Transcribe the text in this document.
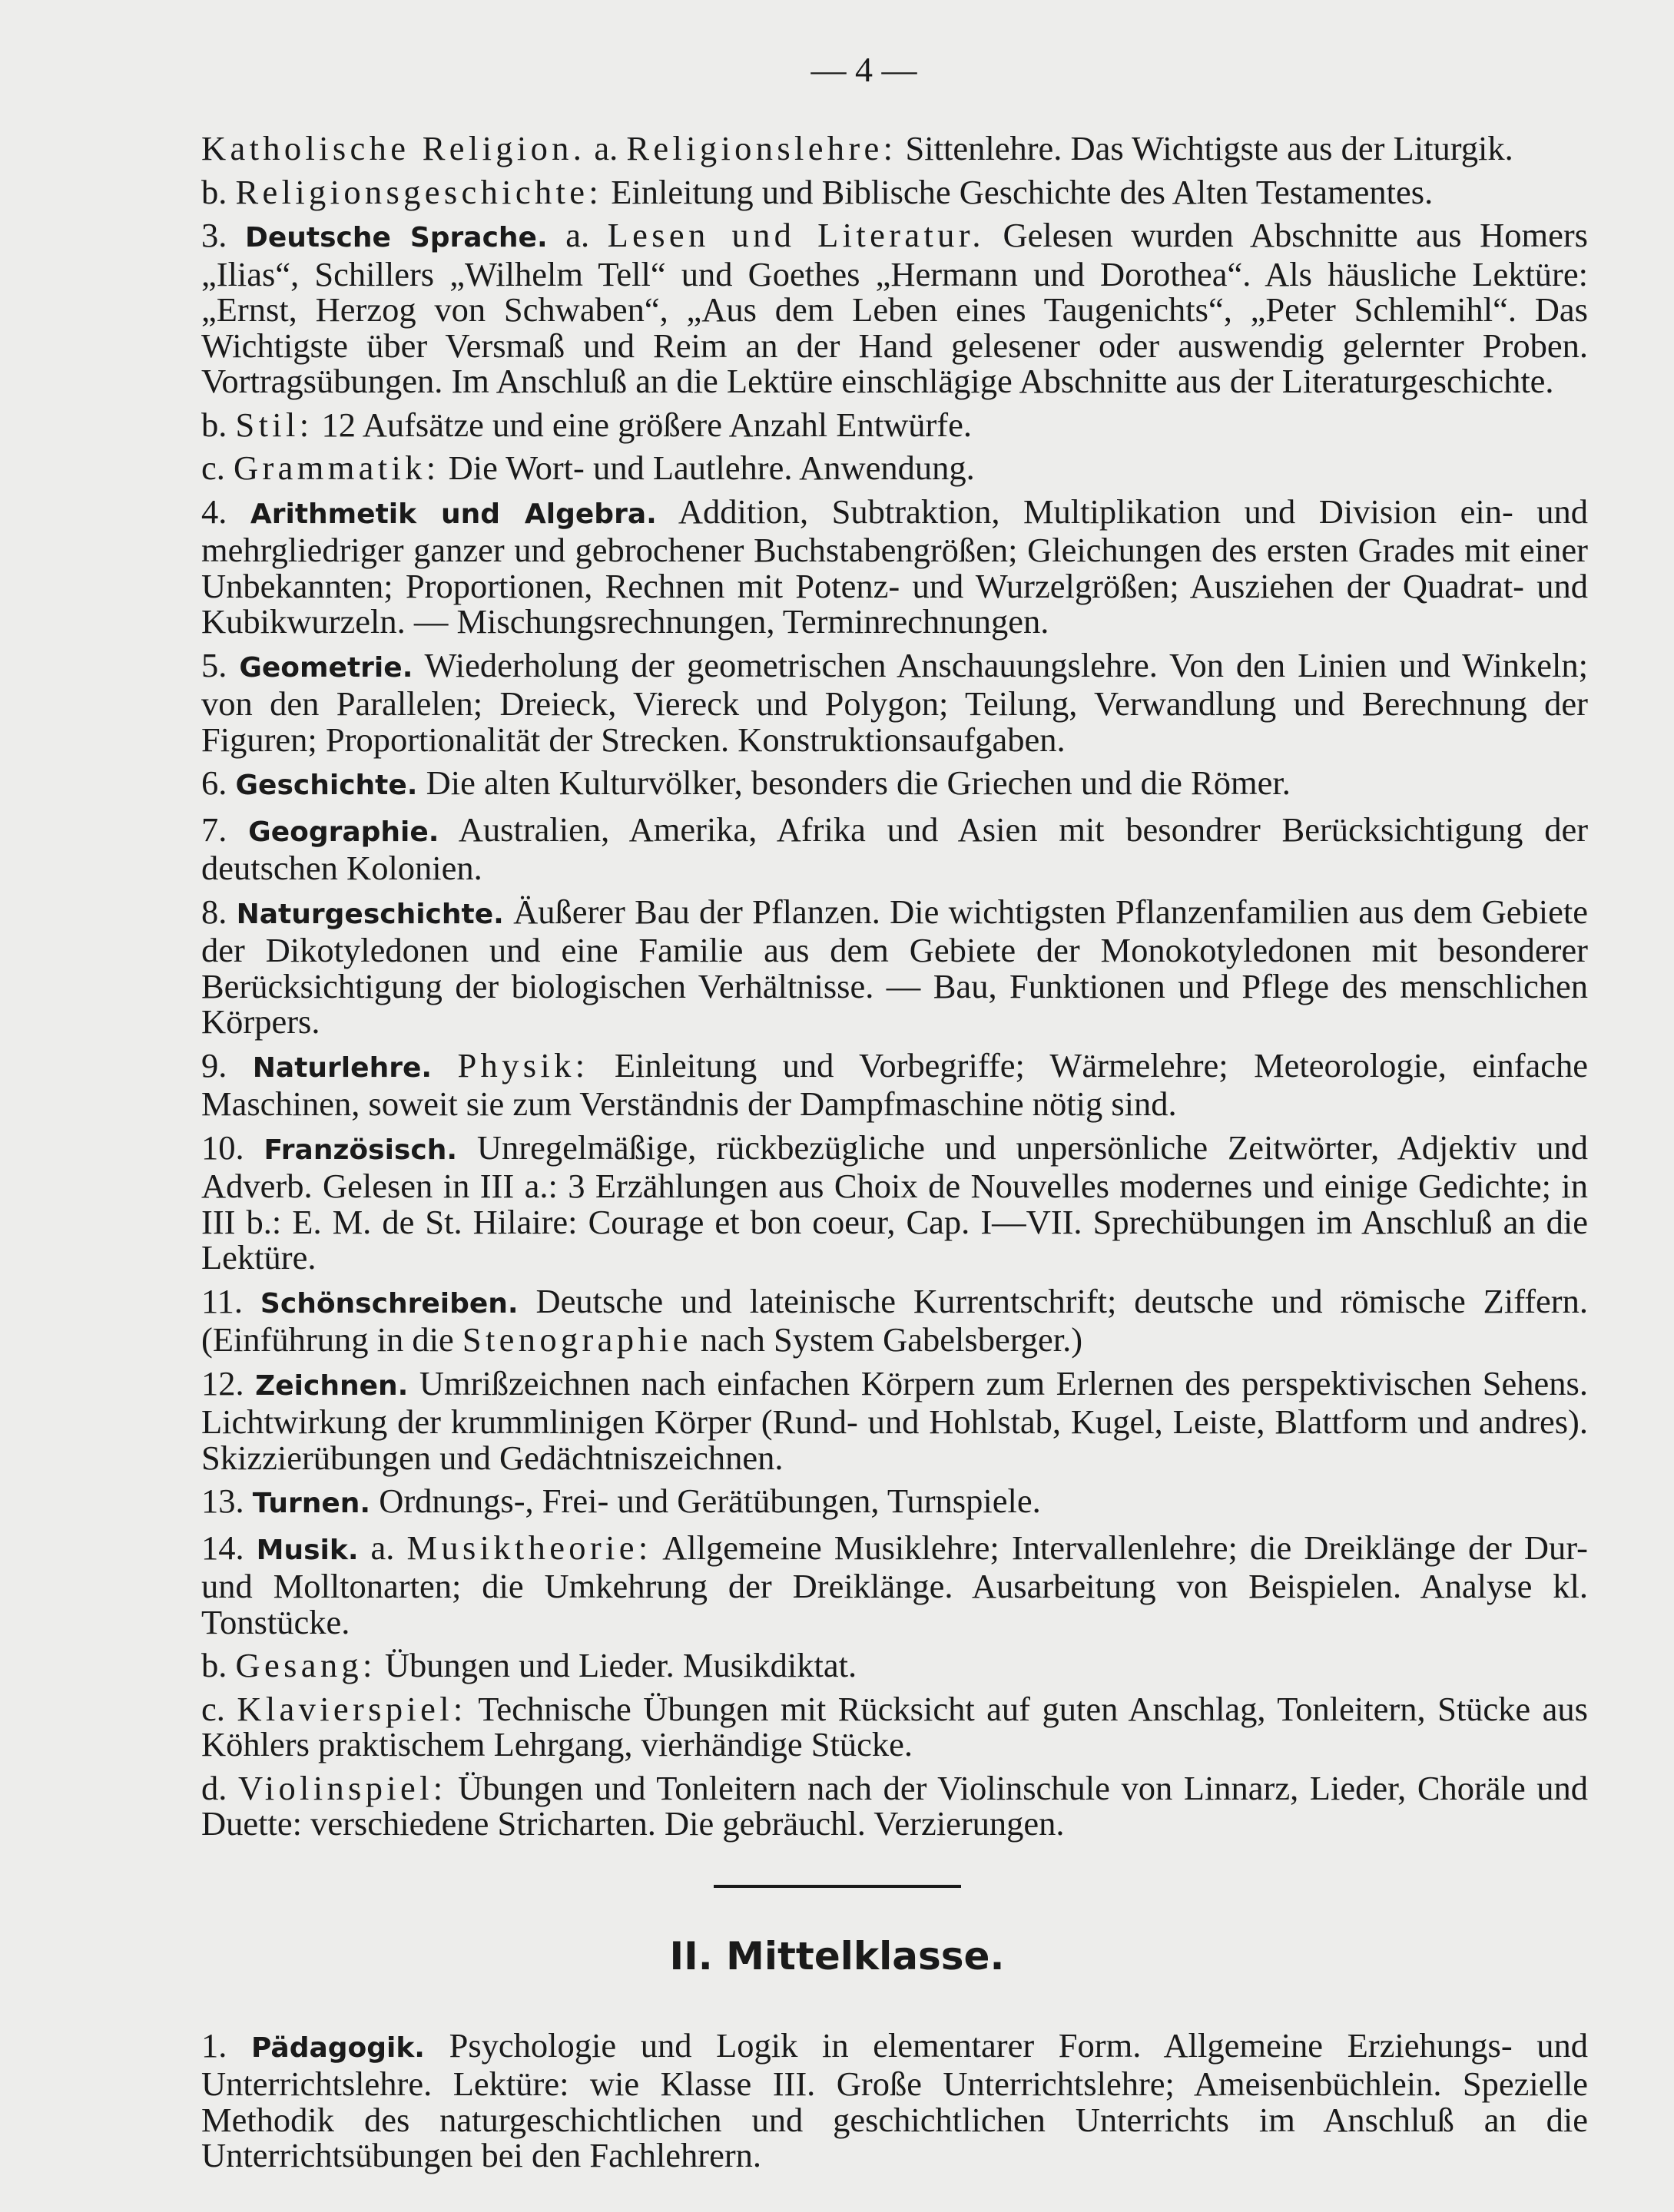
— 4 —

Katholische Religion. a. Religionslehre: Sittenlehre. Das Wichtigste aus der Liturgik.

b. Religionsgeschichte: Einleitung und Biblische Geschichte des Alten Testamentes.

3. Deutsche Sprache. a. Lesen und Literatur. Gelesen wurden Abschnitte aus Homers „Ilias“, Schillers „Wilhelm Tell“ und Goethes „Hermann und Dorothea“. Als häusliche Lektüre: „Ernst, Herzog von Schwaben“, „Aus dem Leben eines Taugenichts“, „Peter Schlemihl“. Das Wichtigste über Versmaß und Reim an der Hand gelesener oder auswendig gelernter Proben. Vortragsübungen. Im Anschluß an die Lektüre einschlägige Abschnitte aus der Literaturgeschichte.

b. Stil: 12 Aufsätze und eine größere Anzahl Entwürfe.

c. Grammatik: Die Wort- und Lautlehre. Anwendung.

4. Arithmetik und Algebra. Addition, Subtraktion, Multiplikation und Division ein- und mehrgliedriger ganzer und gebrochener Buchstabengrößen; Gleichungen des ersten Grades mit einer Unbekannten; Proportionen, Rechnen mit Potenz- und Wurzelgrößen; Ausziehen der Quadrat- und Kubikwurzeln. — Mischungsrechnungen, Terminrechnungen.

5. Geometrie. Wiederholung der geometrischen Anschauungslehre. Von den Linien und Winkeln; von den Parallelen; Dreieck, Viereck und Polygon; Teilung, Verwandlung und Berechnung der Figuren; Proportionalität der Strecken. Konstruktionsaufgaben.

6. Geschichte. Die alten Kulturvölker, besonders die Griechen und die Römer.

7. Geographie. Australien, Amerika, Afrika und Asien mit besondrer Berücksichtigung der deutschen Kolonien.

8. Naturgeschichte. Äußerer Bau der Pflanzen. Die wichtigsten Pflanzenfamilien aus dem Gebiete der Dikotyledonen und eine Familie aus dem Gebiete der Monokotyledonen mit besonderer Berücksichtigung der biologischen Verhältnisse. — Bau, Funktionen und Pflege des menschlichen Körpers.

9. Naturlehre. Physik: Einleitung und Vorbegriffe; Wärmelehre; Meteorologie, einfache Maschinen, soweit sie zum Verständnis der Dampfmaschine nötig sind.

10. Französisch. Unregelmäßige, rückbezügliche und unpersönliche Zeitwörter, Adjektiv und Adverb. Gelesen in III a.: 3 Erzählungen aus Choix de Nouvelles modernes und einige Gedichte; in III b.: E. M. de St. Hilaire: Courage et bon coeur, Cap. I—VII. Sprechübungen im Anschluß an die Lektüre.

11. Schönschreiben. Deutsche und lateinische Kurrentschrift; deutsche und römische Ziffern. (Einführung in die Stenographie nach System Gabelsberger.)

12. Zeichnen. Umrißzeichnen nach einfachen Körpern zum Erlernen des perspektivischen Sehens. Lichtwirkung der krummlinigen Körper (Rund- und Hohlstab, Kugel, Leiste, Blattform und andres). Skizzierübungen und Gedächtniszeichnen.

13. Turnen. Ordnungs-, Frei- und Gerätübungen, Turnspiele.

14. Musik. a. Musiktheorie: Allgemeine Musiklehre; Intervallenlehre; die Dreiklänge der Dur- und Molltonarten; die Umkehrung der Dreiklänge. Ausarbeitung von Beispielen. Analyse kl. Tonstücke.

b. Gesang: Übungen und Lieder. Musikdiktat.

c. Klavierspiel: Technische Übungen mit Rücksicht auf guten Anschlag, Tonleitern, Stücke aus Köhlers praktischem Lehrgang, vierhändige Stücke.

d. Violinspiel: Übungen und Tonleitern nach der Violinschule von Linnarz, Lieder, Choräle und Duette: verschiedene Stricharten. Die gebräuchl. Verzierungen.

II. Mittelklasse.

1. Pädagogik. Psychologie und Logik in elementarer Form. Allgemeine Erziehungs- und Unterrichtslehre. Lektüre: wie Klasse III. Große Unterrichtslehre; Ameisenbüchlein. Spezielle Methodik des naturgeschichtlichen und geschichtlichen Unterrichts im Anschluß an die Unterrichtsübungen bei den Fachlehrern.
